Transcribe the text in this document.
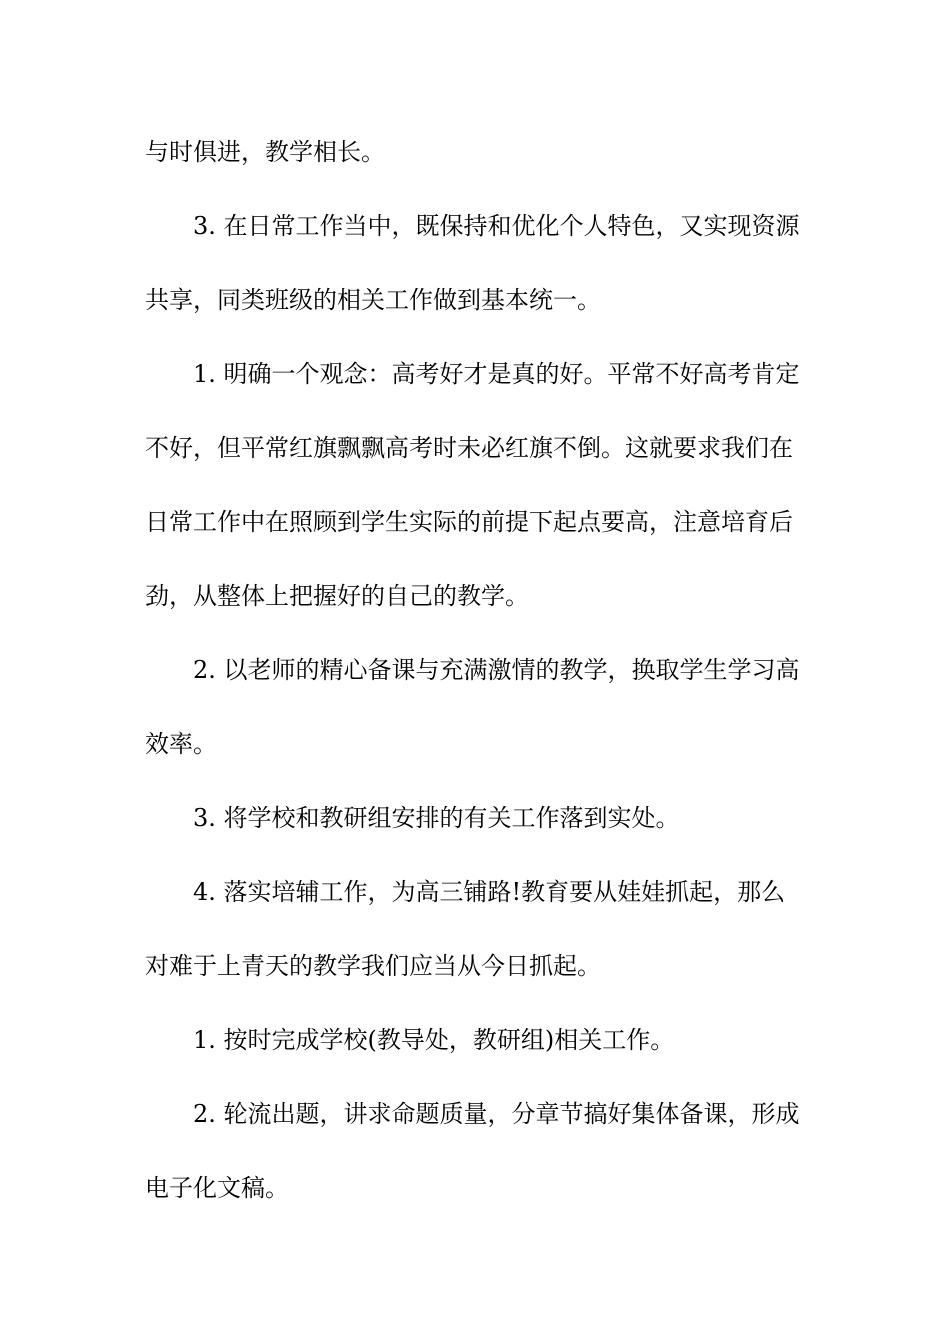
与时俱进，教学相长。
3. 在日常工作当中，既保持和优化个人特色，又实现资源
共享，同类班级的相关工作做到基本统一。
1. 明确一个观念：高考好才是真的好。平常不好高考肯定
不好，但平常红旗飘飘高考时未必红旗不倒。这就要求我们在
日常工作中在照顾到学生实际的前提下起点要高，注意培育后
劲，从整体上把握好的自己的教学。
2. 以老师的精心备课与充满激情的教学，换取学生学习高
效率。
3. 将学校和教研组安排的有关工作落到实处。
4. 落实培辅工作，为高三铺路!教育要从娃娃抓起，那么
对难于上青天的教学我们应当从今日抓起。
1. 按时完成学校(教导处，教研组)相关工作。
2. 轮流出题，讲求命题质量，分章节搞好集体备课，形成
电子化文稿。
